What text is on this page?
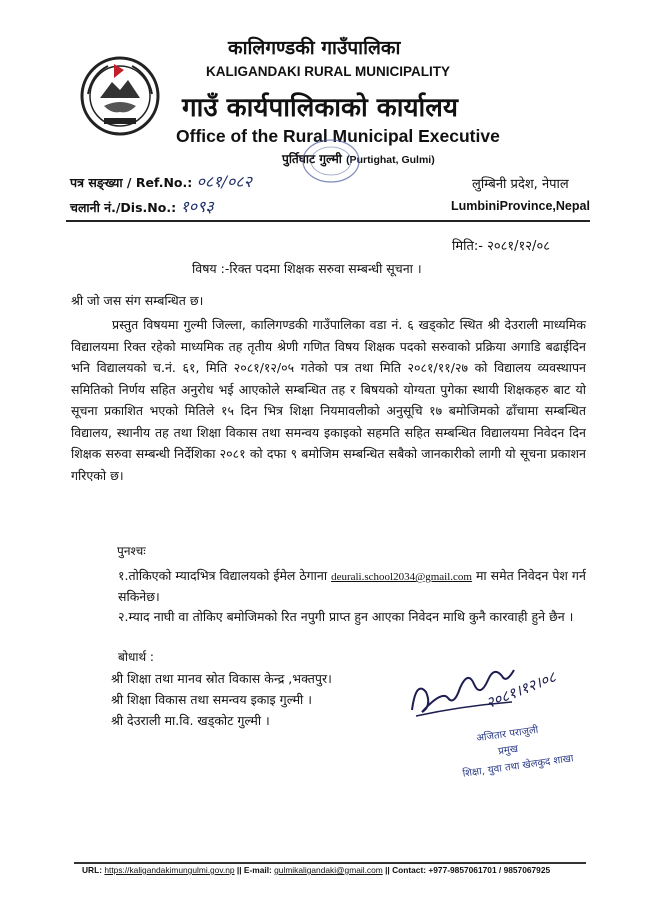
कालिगण्डकी गाउँपालिका
KALIGANDAKI RURAL MUNICIPALITY
गाउँ कार्यपालिकाको कार्यालय
Office of the Rural Municipal Executive
पुर्तिघाट गुल्मी (Purtighat, Gulmi)
पत्र सङ्ख्या / Ref.No.: ०८१/०८२
चलानी नं./Dis.No.: १०९३
लुम्बिनी प्रदेश, नेपाल
LumbiniProvince,Nepal
मिति:- २०८१/१२/०८
विषय :-रिक्त पदमा शिक्षक सरुवा सम्बन्धी सूचना ।
श्री जो जस संग सम्बन्धित छ।
प्रस्तुत विषयमा गुल्मी जिल्ला, कालिगण्डकी गाउँपालिका वडा नं. ६ खड्‌कोट स्थित श्री देउराली माध्यमिक विद्यालयमा रिक्त रहेको माध्यमिक तह तृतीय श्रेणी गणित विषय शिक्षक पदको सरुवाको प्रक्रिया अगाडि बढाईदिन भनि विद्यालयको च.नं. ६१, मिति २०८१/१२/०५ गतेको पत्र तथा मिति २०८१/११/२७ को विद्यालय व्यवस्थापन समितिको निर्णय सहित अनुरोध भई आएकोले सम्बन्धित तह र बिषयको योग्यता पुगेका स्थायी शिक्षकहरु बाट यो सूचना प्रकाशित भएको मितिले १५ दिन भित्र शिक्षा नियमावलीको अनुसूचि १७ बमोजिमको ढाँचामा सम्बन्धित विद्यालय, स्थानीय तह तथा शिक्षा विकास तथा समन्वय इकाइको सहमति सहित सम्बन्धित विद्यालयमा निवेदन दिन शिक्षक सरुवा सम्बन्धी निर्देशिका २०८१ को दफा ९ बमोजिम सम्बन्धित सबैको जानकारीको लागी यो सूचना प्रकाशन गरिएको छ।
पुनश्चः
१.तोकिएको म्यादभित्र विद्यालयको ईमेल ठेगाना deurali.school2034@gmail.com मा समेत निवेदन पेश गर्न सकिनेछ।
२.म्याद नाघी वा तोकिए बमोजिमको रित नपुगी प्राप्त हुन आएका निवेदन माथि कुनै कारवाही हुने छैन ।
बोधार्थ :
श्री शिक्षा तथा मानव स्रोत विकास केन्द्र ,भक्तपुर।
श्री शिक्षा विकास तथा समन्वय इकाइ गुल्मी ।
श्री देउराली मा.वि. खड्‌कोट गुल्मी ।
२०८१।१२।०८
अजितार पराजुली
प्रमुख
शिक्षा, युवा तथा खेलकुद शाखा
URL: https://kaligandakimungulmi.gov.np || E-mail: gulmikaligandaki@gmail.com || Contact: +977-9857061701 / 9857067925
